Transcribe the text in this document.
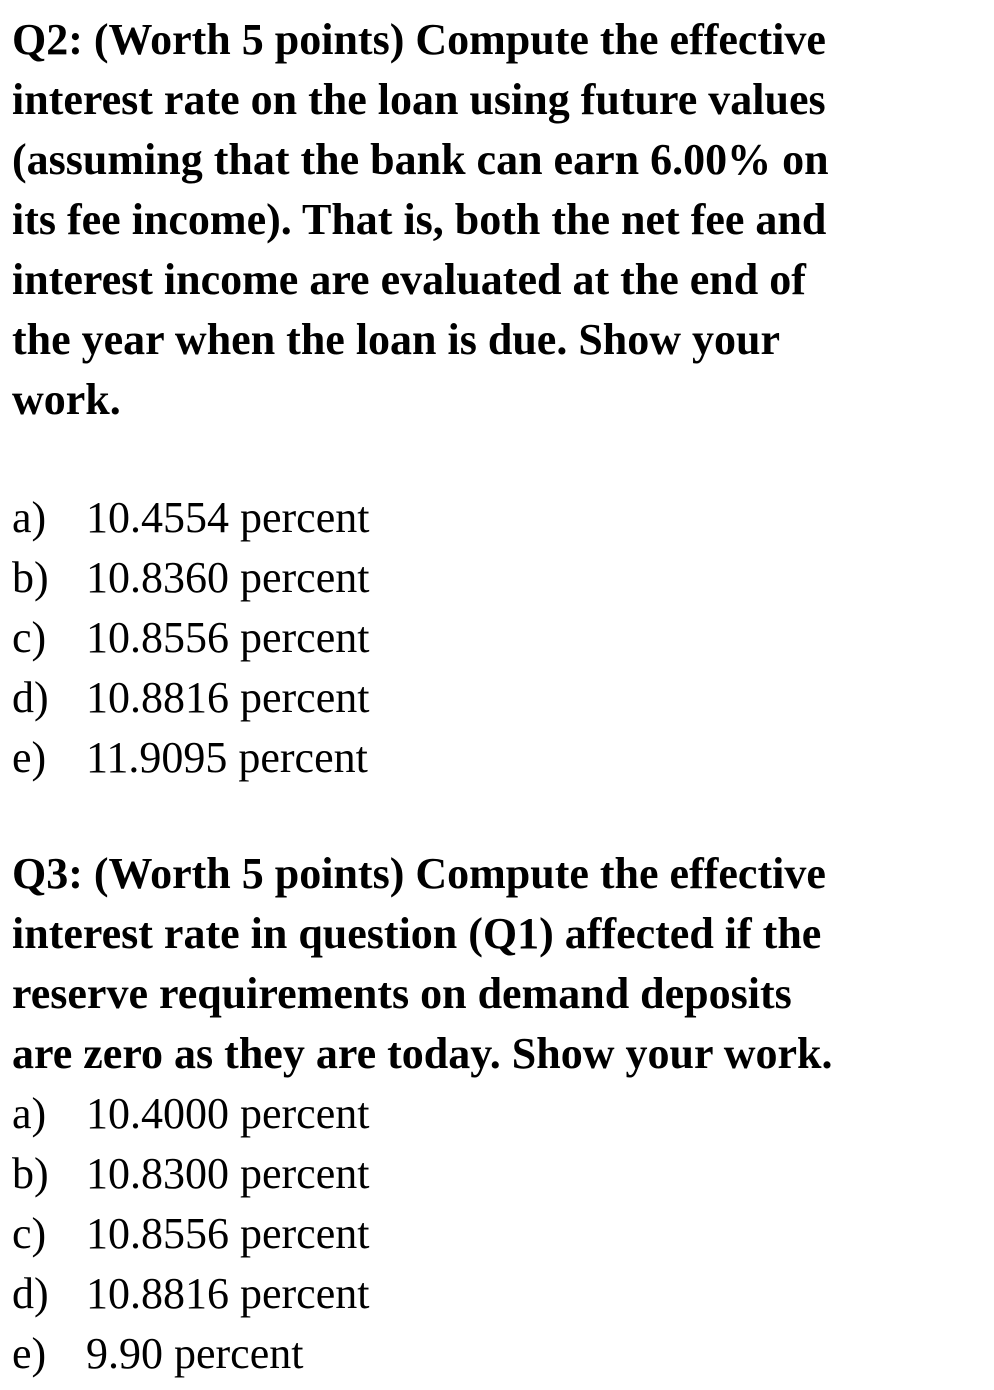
Q2: (Worth 5 points) Compute the effective
interest rate on the loan using future values
(assuming that the bank can earn 6.00% on
its fee income). That is, both the net fee and
interest income are evaluated at the end of
the year when the loan is due. Show your
work.
a) 10.4554 percent
b) 10.8360 percent
c) 10.8556 percent
d) 10.8816 percent
e) 11.9095 percent
Q3: (Worth 5 points) Compute the effective
interest rate in question (Q1) affected if the
reserve requirements on demand deposits
are zero as they are today. Show your work.
a) 10.4000 percent
b) 10.8300 percent
c) 10.8556 percent
d) 10.8816 percent
e) 9.90 percent
